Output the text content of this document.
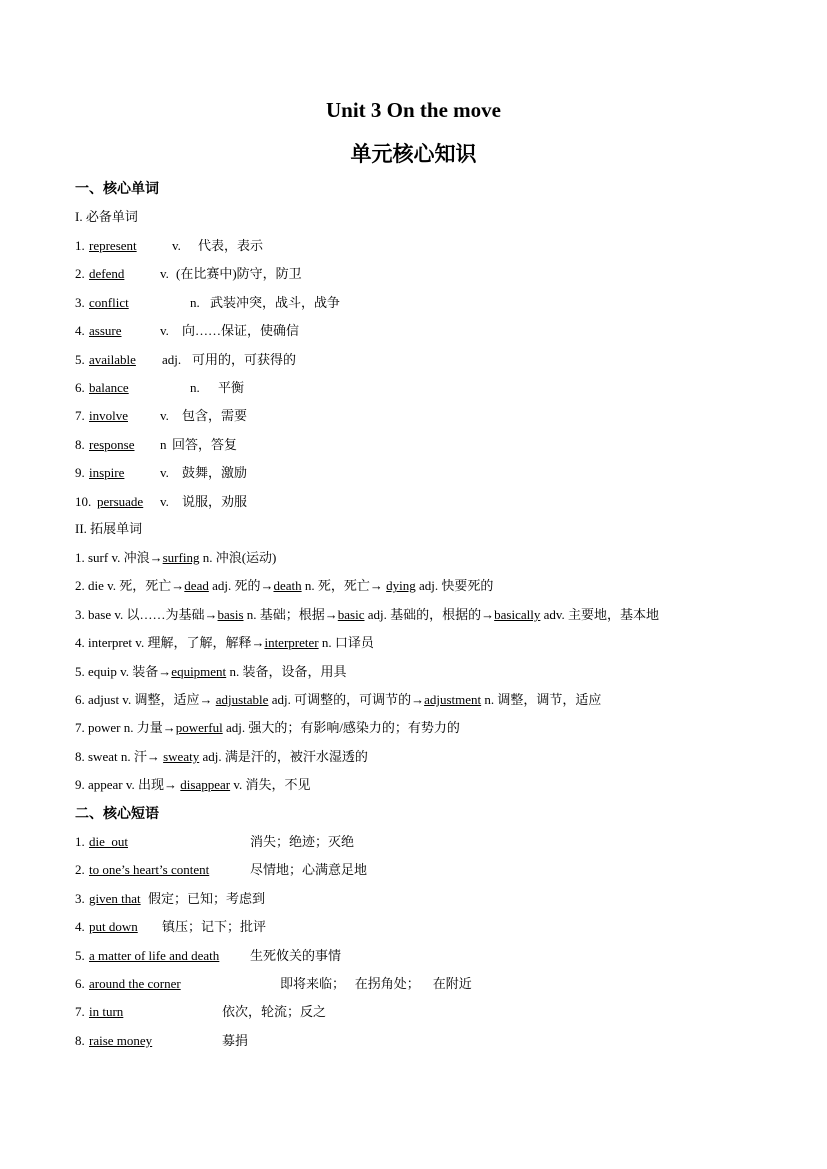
Unit 3 On the move
单元核心知识
一、核心单词
I. 必备单词
1. represent	v. 代表，表示
2. defend	v. (在比赛中)防守，防卫
3. conflict	n. 武装冲突，战斗，战争
4. assure	v. 向……保证，使确信
5. available adj. 可用的，可获得的
6. balance	n. 平衡
7. involve v. 包含，需要
8. response n 回答，答复
9. inspire	v. 鼓舞，激励
10. persuade v. 说服，劝服
II. 拓展单词
1. surf v. 冲浪→surfing n. 冲浪(运动)
2. die v. 死，死亡→dead adj. 死的→death n. 死，死亡→ dying adj. 快要死的
3. base v. 以……为基础→basis n. 基础；根据→basic adj. 基础的，根据的→basically adv. 主要地，基本地
4. interpret v. 理解，了解，解释→interpreter n. 口译员
5. equip v. 装备→equipment n. 装备，设备，用具
6. adjust v. 调整，适应→ adjustable adj. 可调整的，可调节的→adjustment n. 调整，调节，适应
7. power n. 力量→powerful adj. 强大的；有影响/感染力的；有势力的
8. sweat n. 汗→ sweaty adj. 满是汗的，被汗水湿透的
9. appear v. 出现→ disappear v. 消失，不见
二、核心短语
1. die  out	消失；绝迹；灭绝
2. to one’s heart’s content	尽情地；心满意足地
3. given that 假定；已知；考虑到
4. put down 镇压；记下；批评
5. a matter of life and death 生死攸关的事情
6. around the corner	即将来临；   在拐角处；    在附近
7. in turn	依次，轮流；反之
8. raise money	募捐
